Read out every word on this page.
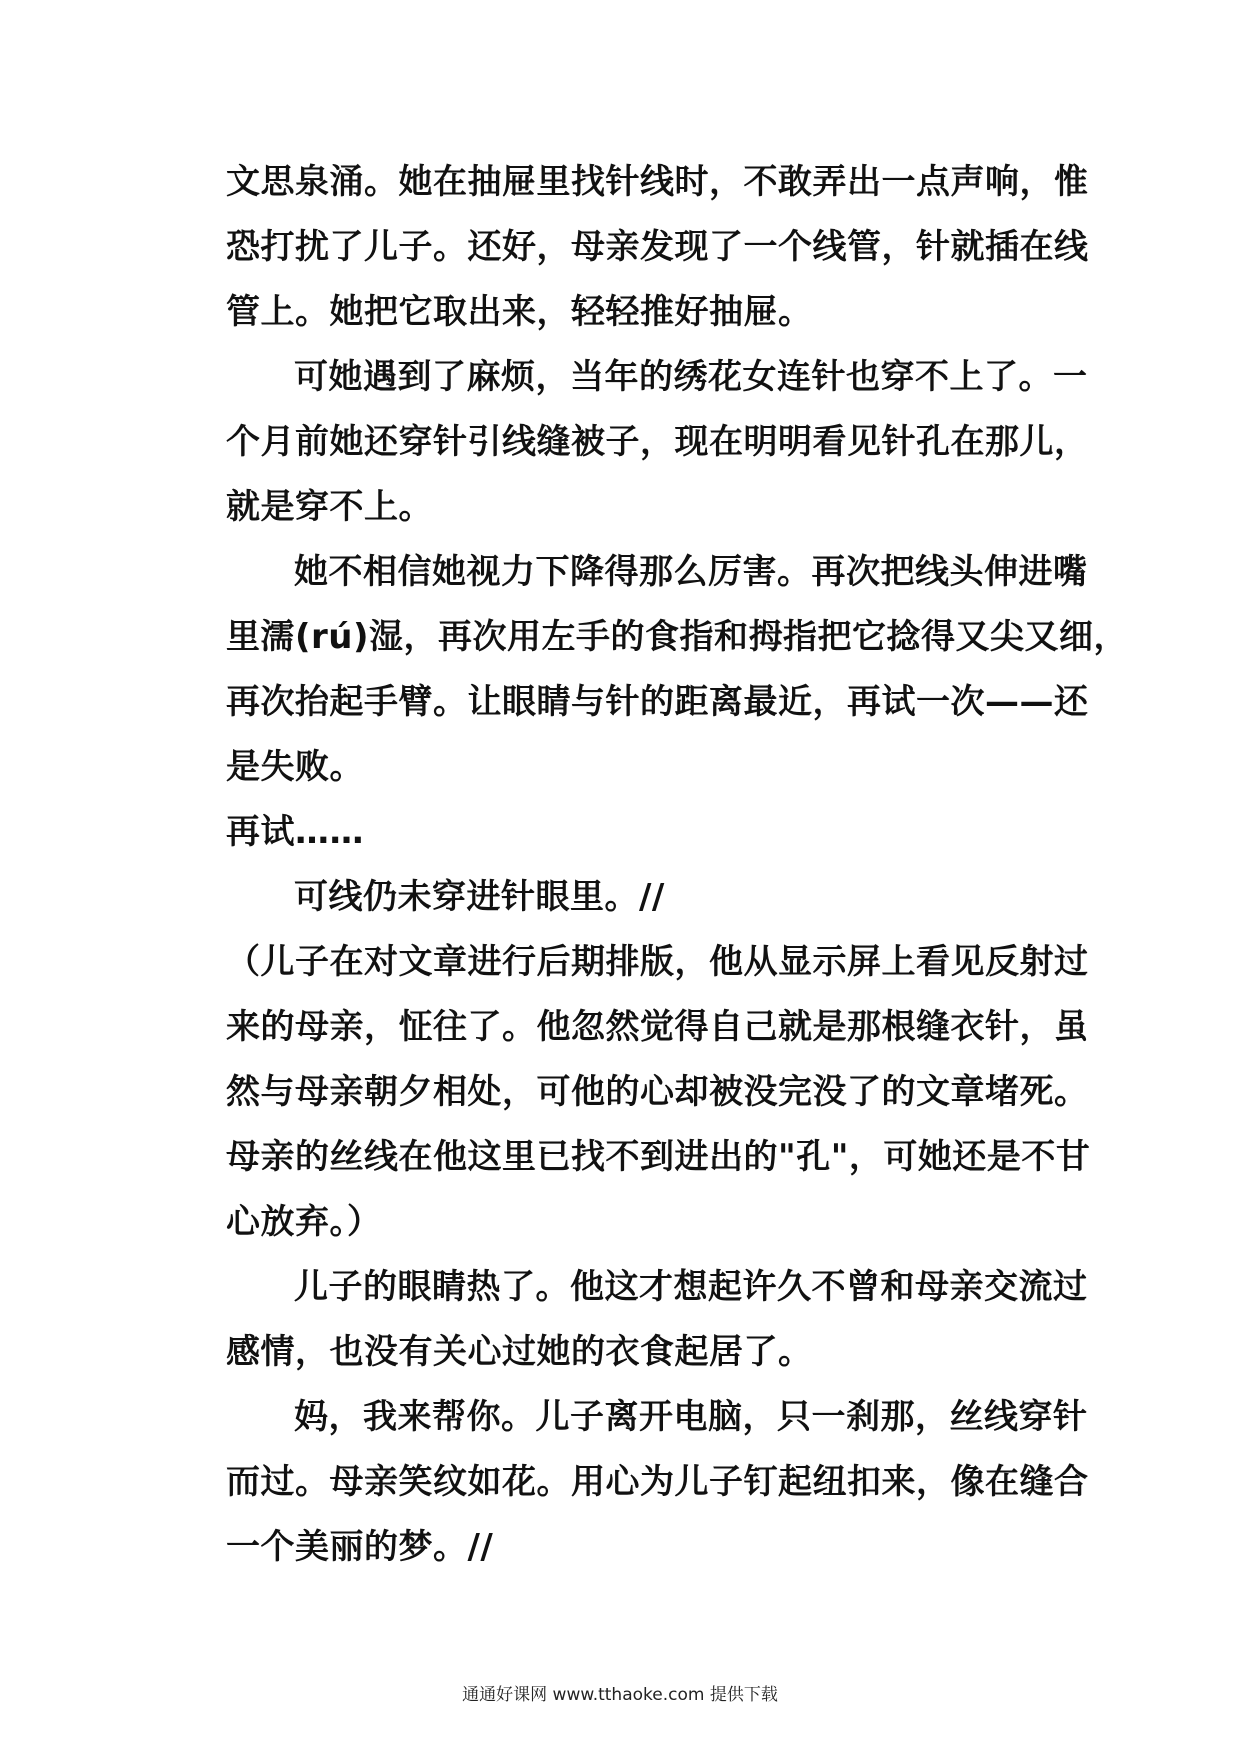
文思泉涌。她在抽屉里找针线时，不敢弄出一点声响，惟
恐打扰了儿子。还好，母亲发现了一个线管，针就插在线
管上。她把它取出来，轻轻推好抽屉。
可她遇到了麻烦，当年的绣花女连针也穿不上了。一
个月前她还穿针引线缝被子，现在明明看见针孔在那儿，
就是穿不上。
她不相信她视力下降得那么厉害。再次把线头伸进嘴
里濡(rú)湿，再次用左手的食指和拇指把它捻得又尖又细，
再次抬起手臂。让眼睛与针的距离最近，再试一次——还
是失败。
再试……
可线仍未穿进针眼里。//
（儿子在对文章进行后期排版，他从显示屏上看见反射过
来的母亲，怔往了。他忽然觉得自己就是那根缝衣针，虽
然与母亲朝夕相处，可他的心却被没完没了的文章堵死。
母亲的丝线在他这里已找不到进出的"孔"，可她还是不甘
心放弃。）
儿子的眼睛热了。他这才想起许久不曾和母亲交流过
感情，也没有关心过她的衣食起居了。
妈，我来帮你。儿子离开电脑，只一刹那，丝线穿针
而过。母亲笑纹如花。用心为儿子钉起纽扣来，像在缝合
一个美丽的梦。//
通通好课网 www.tthaoke.com 提供下载
